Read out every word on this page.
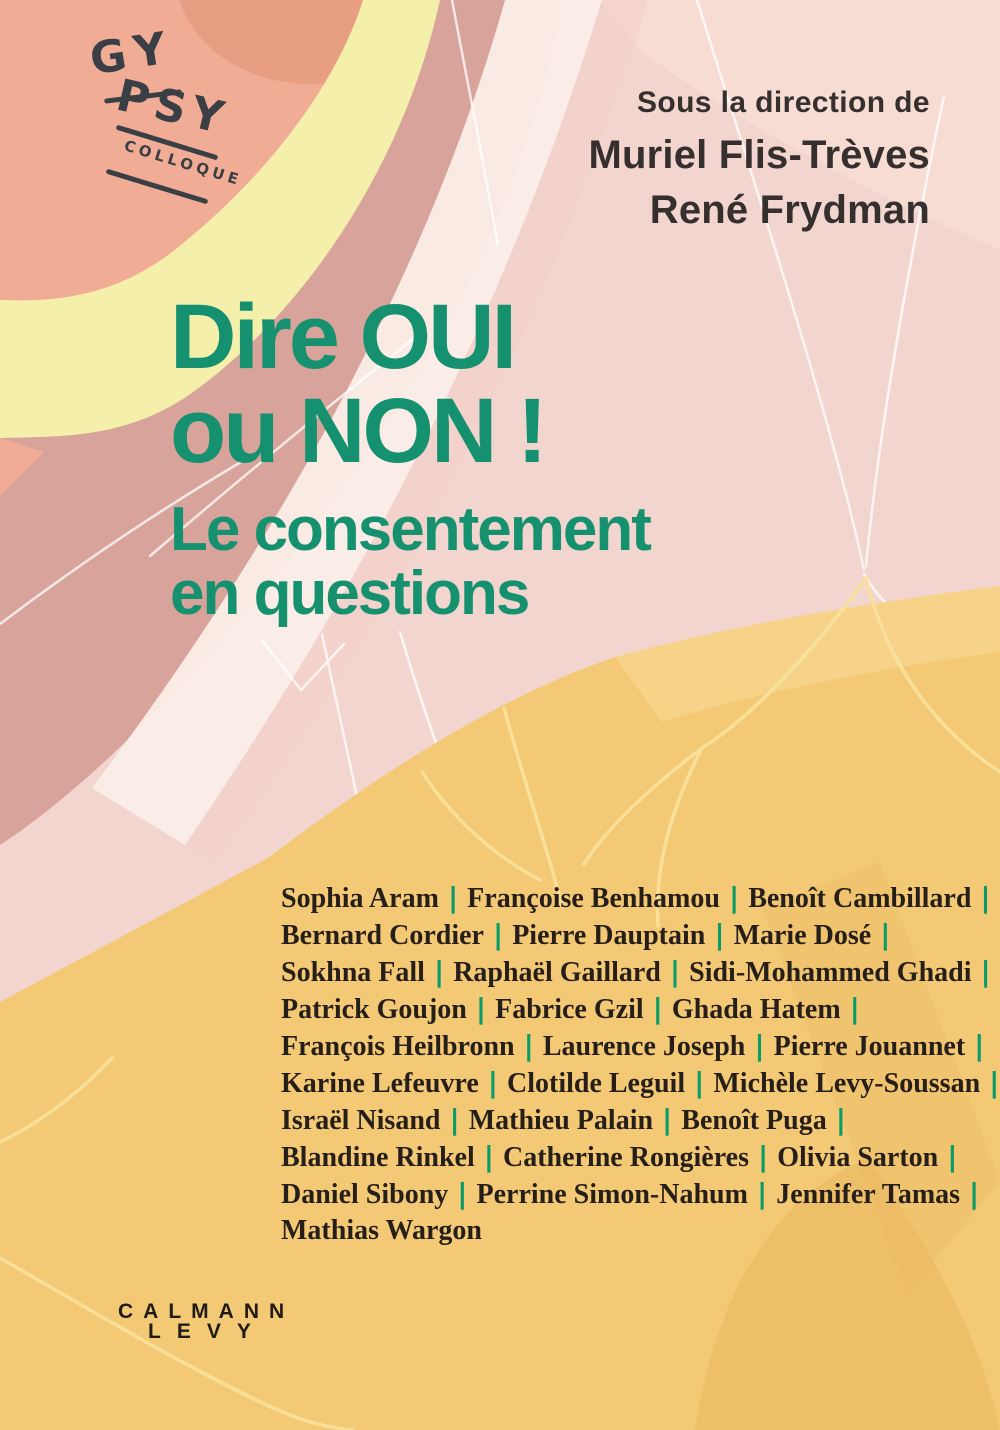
GY
PSY
COLLOQUE
Sous la direction de
Muriel Flis-Trèves
René Frydman
Dire OUI
ou NON !
Le consentement
en questions
Sophia Aram | Françoise Benhamou | Benoît Cambillard |
Bernard Cordier | Pierre Dauptain | Marie Dosé |
Sokhna Fall | Raphaël Gaillard | Sidi-Mohammed Ghadi |
Patrick Goujon | Fabrice Gzil | Ghada Hatem |
François Heilbronn | Laurence Joseph | Pierre Jouannet |
Karine Lefeuvre | Clotilde Leguil | Michèle Levy-Soussan |
Israël Nisand | Mathieu Palain | Benoît Puga |
Blandine Rinkel | Catherine Rongières | Olivia Sarton |
Daniel Sibony | Perrine Simon-Nahum | Jennifer Tamas |
Mathias Wargon
CALMANN
LEVY
